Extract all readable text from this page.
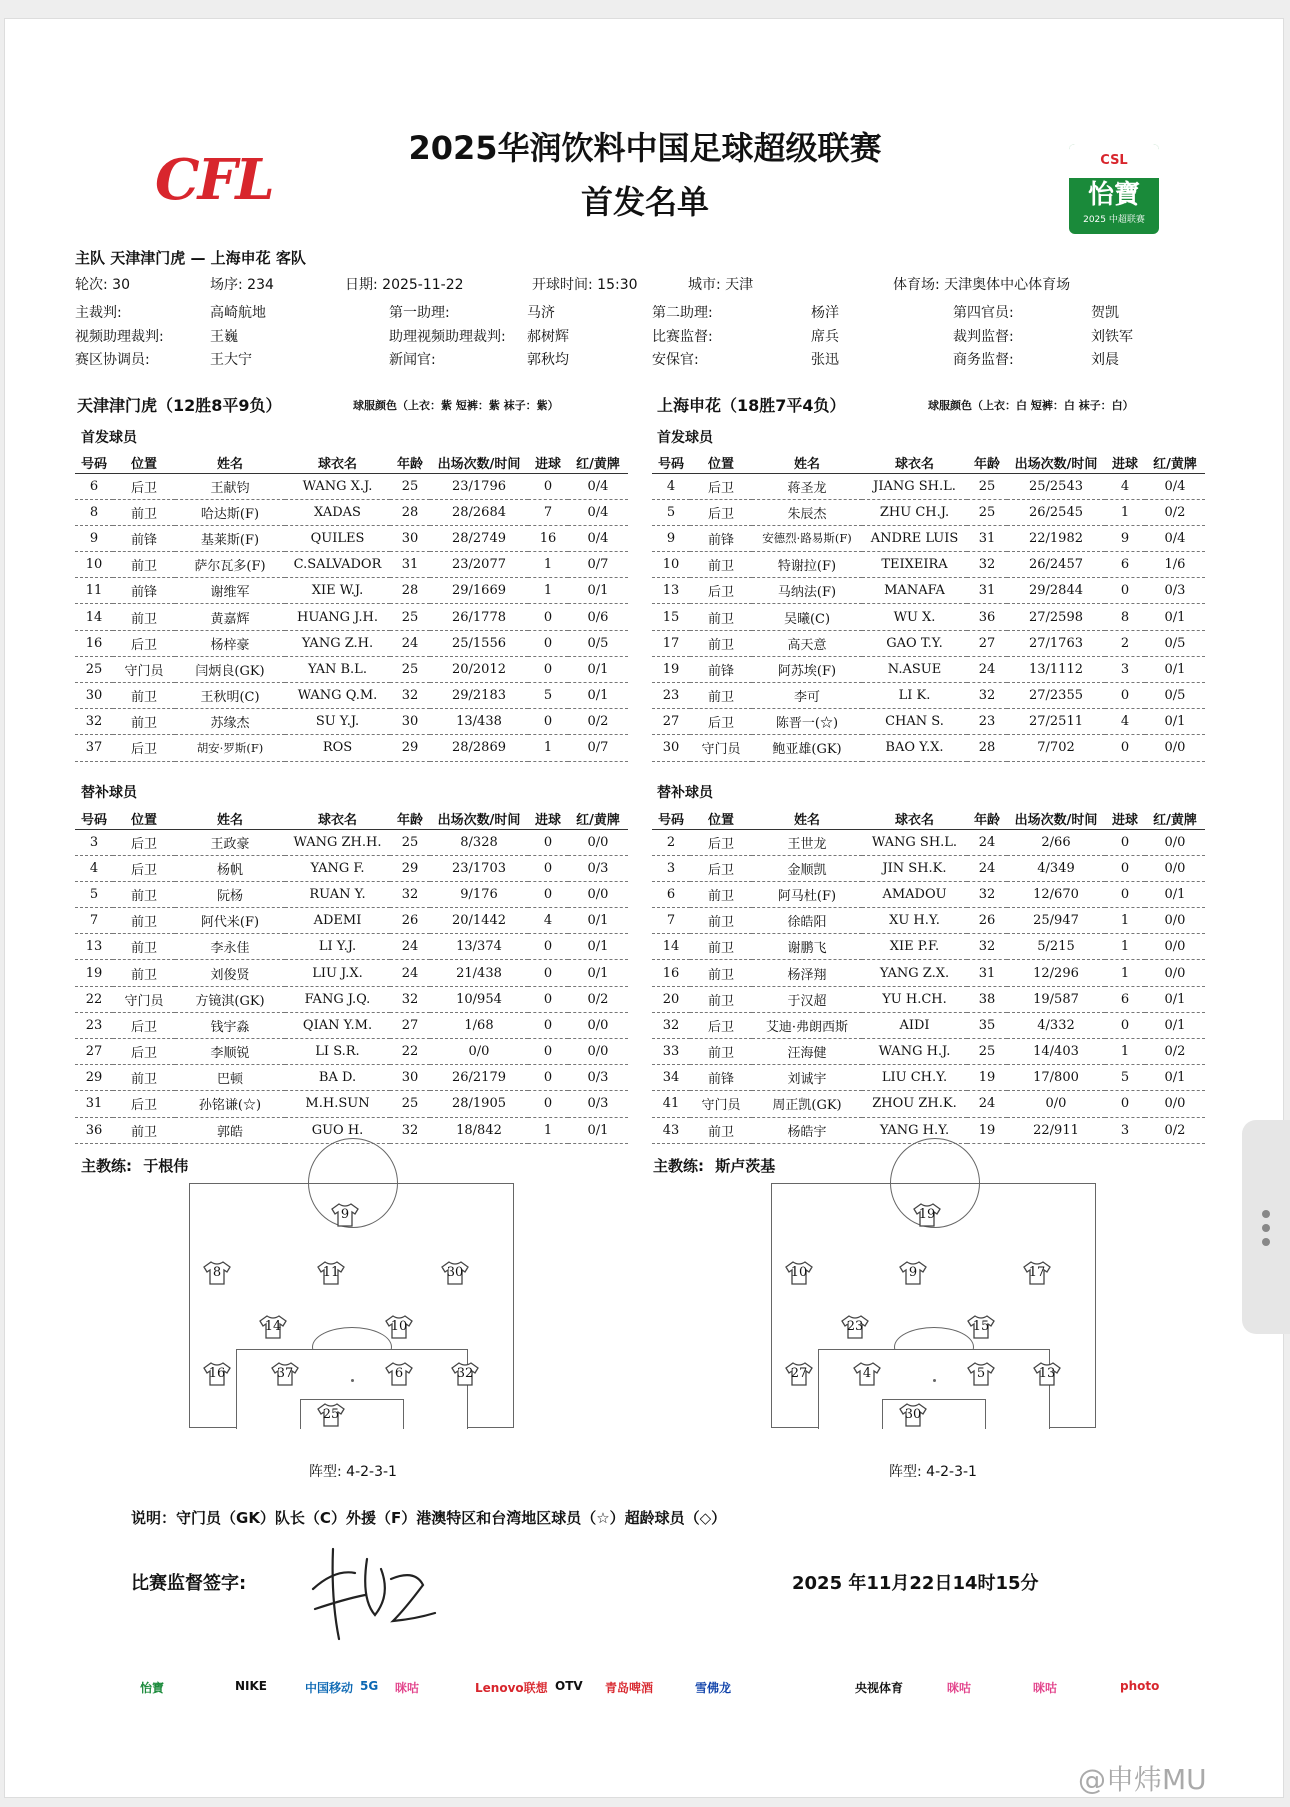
CFL	2025华润饮料中国足球超级联赛
首发名单
CSL
怡寶
2025 中超联赛
主队 天津津门虎 — 上海申花 客队
轮次: 30	场序: 234	日期: 2025-11-22	开球时间: 15:30	城市: 天津	体育场: 天津奥体中心体育场
主裁判:	高崎航地	第一助理:	马济	第二助理:	杨洋	第四官员:	贺凯
视频助理裁判:	王巍	助理视频助理裁判: 郝树辉	比赛监督:	席兵	裁判监督:	刘铁军
赛区协调员:	王大宁	新闻官:	郭秋均	安保官:	张迅	商务监督:	刘晨
天津津门虎（12胜8平9负）	球服颜色（上衣：紫 短裤：紫 袜子：紫）	上海申花（18胜7平4负）	球服颜色（上衣：白 短裤：白 袜子：白）
首发球员	首发球员
号码	位置	姓名	球衣名	年龄	出场次数/时间	进球	红/黄牌
6	后卫	王献钧	WANG X.J.	25	23/1796	0	0/4
8	前卫	哈达斯(F)	XADAS	28	28/2684	7	0/4
9	前锋	基莱斯(F)	QUILES	30	28/2749	16	0/4
10	前卫	萨尔瓦多(F)	C.SALVADOR	31	23/2077	1	0/7
11	前锋	谢维军	XIE W.J.	28	29/1669	1	0/1
14	前卫	黄嘉辉	HUANG J.H.	25	26/1778	0	0/6
16	后卫	杨梓豪	YANG Z.H.	24	25/1556	0	0/5
25	守门员	闫炳良(GK)	YAN B.L.	25	20/2012	0	0/1
30	前卫	王秋明(C)	WANG Q.M.	32	29/2183	5	0/1
32	前卫	苏缘杰	SU Y.J.	30	13/438	0	0/2
37	后卫	胡安·罗斯(F)	ROS	29	28/2869	1	0/7
号码	位置	姓名	球衣名	年龄	出场次数/时间	进球	红/黄牌
4	后卫	蒋圣龙	JIANG SH.L.	25	25/2543	4	0/4
5	后卫	朱辰杰	ZHU CH.J.	25	26/2545	1	0/2
9	前锋	安德烈·路易斯(F)	ANDRE LUIS	31	22/1982	9	0/4
10	前卫	特谢拉(F)	TEIXEIRA	32	26/2457	6	1/6
13	后卫	马纳法(F)	MANAFA	31	29/2844	0	0/3
15	前卫	吴曦(C)	WU X.	36	27/2598	8	0/1
17	前卫	高天意	GAO T.Y.	27	27/1763	2	0/5
19	前锋	阿苏埃(F)	N.ASUE	24	13/1112	3	0/1
23	前卫	李可	LI K.	32	27/2355	0	0/5
27	后卫	陈晋一(☆)	CHAN S.	23	27/2511	4	0/1
30	守门员	鲍亚雄(GK)	BAO Y.X.	28	7/702	0	0/0
替补球员	替补球员
号码	位置	姓名	球衣名	年龄	出场次数/时间	进球	红/黄牌
3	后卫	王政豪	WANG ZH.H.	25	8/328	0	0/0
4	后卫	杨帆	YANG F.	29	23/1703	0	0/3
5	前卫	阮杨	RUAN Y.	32	9/176	0	0/0
7	前卫	阿代米(F)	ADEMI	26	20/1442	4	0/1
13	前卫	李永佳	LI Y.J.	24	13/374	0	0/1
19	前卫	刘俊贤	LIU J.X.	24	21/438	0	0/1
22	守门员	方镜淇(GK)	FANG J.Q.	32	10/954	0	0/2
23	后卫	钱宇淼	QIAN Y.M.	27	1/68	0	0/0
27	后卫	李顺锐	LI S.R.	22	0/0	0	0/0
29	前卫	巴顿	BA D.	30	26/2179	0	0/3
31	后卫	孙铭谦(☆)	M.H.SUN	25	28/1905	0	0/3
36	前卫	郭皓	GUO H.	32	18/842	1	0/1
号码	位置	姓名	球衣名	年龄	出场次数/时间	进球	红/黄牌
2	后卫	王世龙	WANG SH.L.	24	2/66	0	0/0
3	后卫	金顺凯	JIN SH.K.	24	4/349	0	0/0
6	前卫	阿马杜(F)	AMADOU	32	12/670	0	0/1
7	前卫	徐皓阳	XU H.Y.	26	25/947	1	0/0
14	前卫	谢鹏飞	XIE P.F.	32	5/215	1	0/0
16	前卫	杨泽翔	YANG Z.X.	31	12/296	1	0/0
20	前卫	于汉超	YU H.CH.	38	19/587	6	0/1
32	后卫	艾迪·弗朗西斯	AIDI	35	4/332	0	0/1
33	前卫	汪海健	WANG H.J.	25	14/403	1	0/2
34	前锋	刘诚宇	LIU CH.Y.	19	17/800	5	0/1
41	守门员	周正凯(GK)	ZHOU ZH.K.	24	0/0	0	0/0
43	前卫	杨皓宇	YANG H.Y.	19	22/911	3	0/2
主教练: 于根伟	主教练: 斯卢茨基
9
8	11	30
14	10
16	37	6	32
25
19
10	9	17
23	15
27	4	5	13
30
阵型: 4-2-3-1	阵型: 4-2-3-1
说明：守门员（GK）队长（C）外援（F）港澳特区和台湾地区球员（☆）超龄球员（◇）
比赛监督签字:	2025 年11月22日14时15分
怡寶	NIKE	中国移动 5G 咪咕	Lenovo联想 OTV 青岛啤酒	雪佛龙	央视体育	咪咕	咪咕	photo
@申炜MU
